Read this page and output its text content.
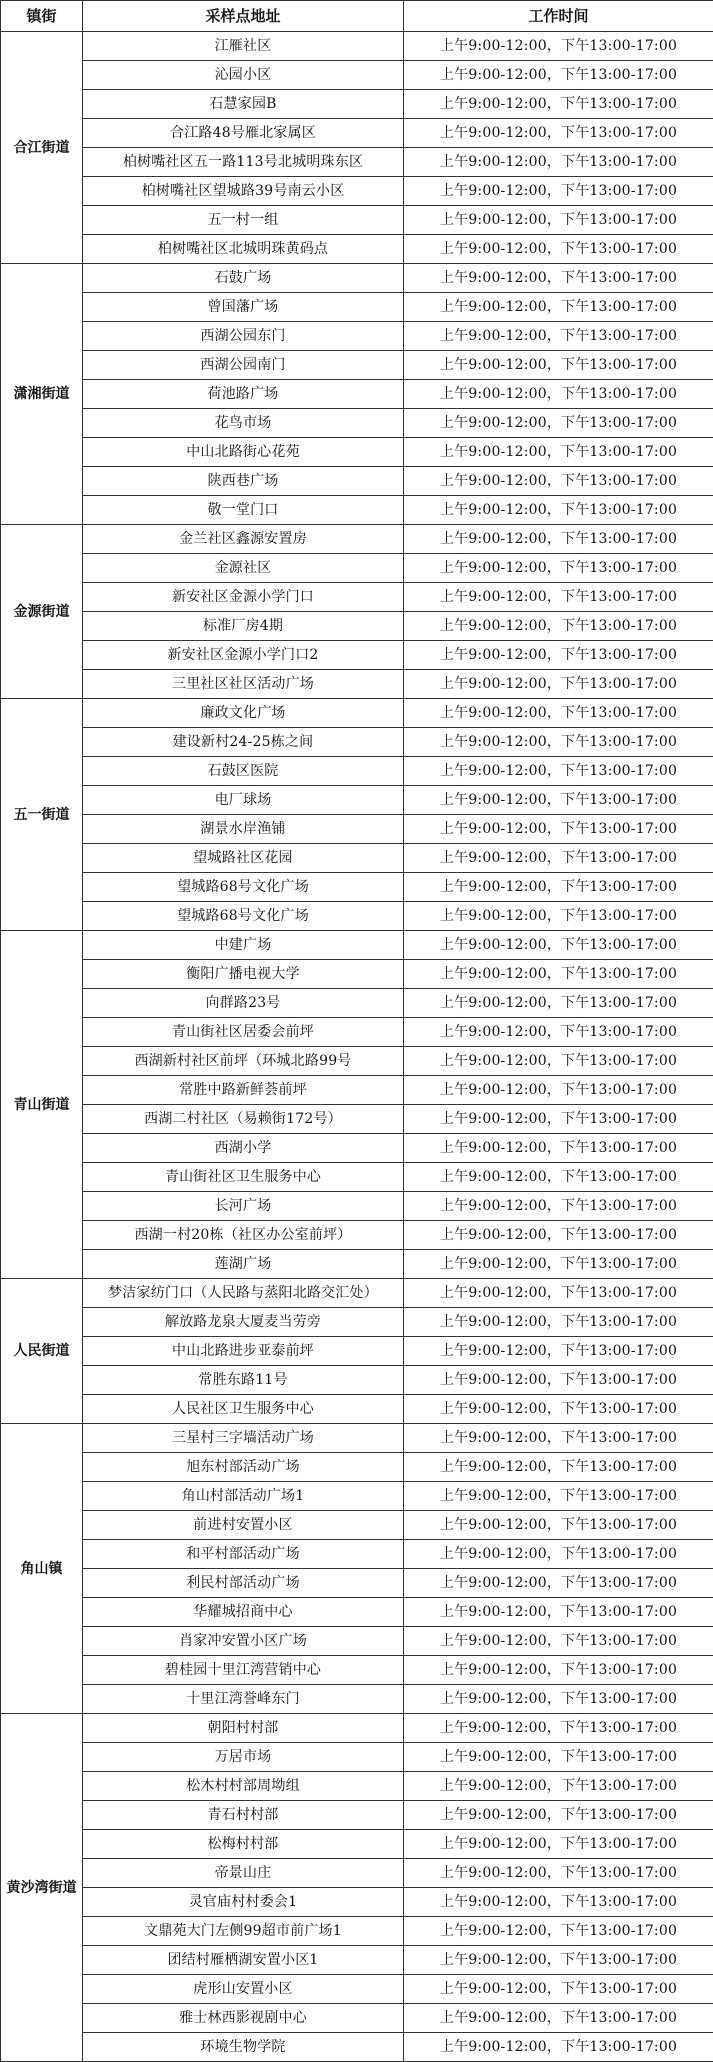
镇街	采样点地址	工作时间
合江街道	江雁社区	上午9:00-12:00，下午13:00-17:00
	沁园小区	上午9:00-12:00，下午13:00-17:00
	石慧家园B	上午9:00-12:00，下午13:00-17:00
	合江路48号雁北家属区	上午9:00-12:00，下午13:00-17:00
	柏树嘴社区五一路113号北城明珠东区	上午9:00-12:00，下午13:00-17:00
	柏树嘴社区望城路39号南云小区	上午9:00-12:00，下午13:00-17:00
	五一村一组	上午9:00-12:00，下午13:00-17:00
	柏树嘴社区北城明珠黄码点	上午9:00-12:00，下午13:00-17:00
潇湘街道	石鼓广场	上午9:00-12:00，下午13:00-17:00
	曾国藩广场	上午9:00-12:00，下午13:00-17:00
	西湖公园东门	上午9:00-12:00，下午13:00-17:00
	西湖公园南门	上午9:00-12:00，下午13:00-17:00
	荷池路广场	上午9:00-12:00，下午13:00-17:00
	花鸟市场	上午9:00-12:00，下午13:00-17:00
	中山北路街心花苑	上午9:00-12:00，下午13:00-17:00
	陕西巷广场	上午9:00-12:00，下午13:00-17:00
	敬一堂门口	上午9:00-12:00，下午13:00-17:00
金源街道	金兰社区鑫源安置房	上午9:00-12:00，下午13:00-17:00
	金源社区	上午9:00-12:00，下午13:00-17:00
	新安社区金源小学门口	上午9:00-12:00，下午13:00-17:00
	标准厂房4期	上午9:00-12:00，下午13:00-17:00
	新安社区金源小学门口2	上午9:00-12:00，下午13:00-17:00
	三里社区社区活动广场	上午9:00-12:00，下午13:00-17:00
五一街道	廉政文化广场	上午9:00-12:00，下午13:00-17:00
	建设新村24-25栋之间	上午9:00-12:00，下午13:00-17:00
	石鼓区医院	上午9:00-12:00，下午13:00-17:00
	电厂球场	上午9:00-12:00，下午13:00-17:00
	湖景水岸渔铺	上午9:00-12:00，下午13:00-17:00
	望城路社区花园	上午9:00-12:00，下午13:00-17:00
	望城路68号文化广场	上午9:00-12:00，下午13:00-17:00
	望城路68号文化广场	上午9:00-12:00，下午13:00-17:00
青山街道	中建广场	上午9:00-12:00，下午13:00-17:00
	衡阳广播电视大学	上午9:00-12:00，下午13:00-17:00
	向群路23号	上午9:00-12:00，下午13:00-17:00
	青山街社区居委会前坪	上午9:00-12:00，下午13:00-17:00
	西湖新村社区前坪（环城北路99号	上午9:00-12:00，下午13:00-17:00
	常胜中路新鲜荟前坪	上午9:00-12:00，下午13:00-17:00
	西湖二村社区（易赖街172号）	上午9:00-12:00，下午13:00-17:00
	西湖小学	上午9:00-12:00，下午13:00-17:00
	青山街社区卫生服务中心	上午9:00-12:00，下午13:00-17:00
	长河广场	上午9:00-12:00，下午13:00-17:00
	西湖一村20栋（社区办公室前坪）	上午9:00-12:00，下午13:00-17:00
	莲湖广场	上午9:00-12:00，下午13:00-17:00
人民街道	梦洁家纺门口（人民路与蒸阳北路交汇处）	上午9:00-12:00，下午13:00-17:00
	解放路龙泉大厦麦当劳旁	上午9:00-12:00，下午13:00-17:00
	中山北路进步亚泰前坪	上午9:00-12:00，下午13:00-17:00
	常胜东路11号	上午9:00-12:00，下午13:00-17:00
	人民社区卫生服务中心	上午9:00-12:00，下午13:00-17:00
角山镇	三星村三字墙活动广场	上午9:00-12:00，下午13:00-17:00
	旭东村部活动广场	上午9:00-12:00，下午13:00-17:00
	角山村部活动广场1	上午9:00-12:00，下午13:00-17:00
	前进村安置小区	上午9:00-12:00，下午13:00-17:00
	和平村部活动广场	上午9:00-12:00，下午13:00-17:00
	利民村部活动广场	上午9:00-12:00，下午13:00-17:00
	华耀城招商中心	上午9:00-12:00，下午13:00-17:00
	肖家冲安置小区广场	上午9:00-12:00，下午13:00-17:00
	碧桂园十里江湾营销中心	上午9:00-12:00，下午13:00-17:00
	十里江湾誉峰东门	上午9:00-12:00，下午13:00-17:00
黄沙湾街道	朝阳村村部	上午9:00-12:00，下午13:00-17:00
	万居市场	上午9:00-12:00，下午13:00-17:00
	松木村村部周坳组	上午9:00-12:00，下午13:00-17:00
	青石村村部	上午9:00-12:00，下午13:00-17:00
	松梅村村部	上午9:00-12:00，下午13:00-17:00
	帝景山庄	上午9:00-12:00，下午13:00-17:00
	灵官庙村村委会1	上午9:00-12:00，下午13:00-17:00
	文鼎苑大门左侧99超市前广场1	上午9:00-12:00，下午13:00-17:00
	团结村雁栖湖安置小区1	上午9:00-12:00，下午13:00-17:00
	虎形山安置小区	上午9:00-12:00，下午13:00-17:00
	雅士林西影视剧中心	上午9:00-12:00，下午13:00-17:00
	环境生物学院	上午9:00-12:00，下午13:00-17:00
